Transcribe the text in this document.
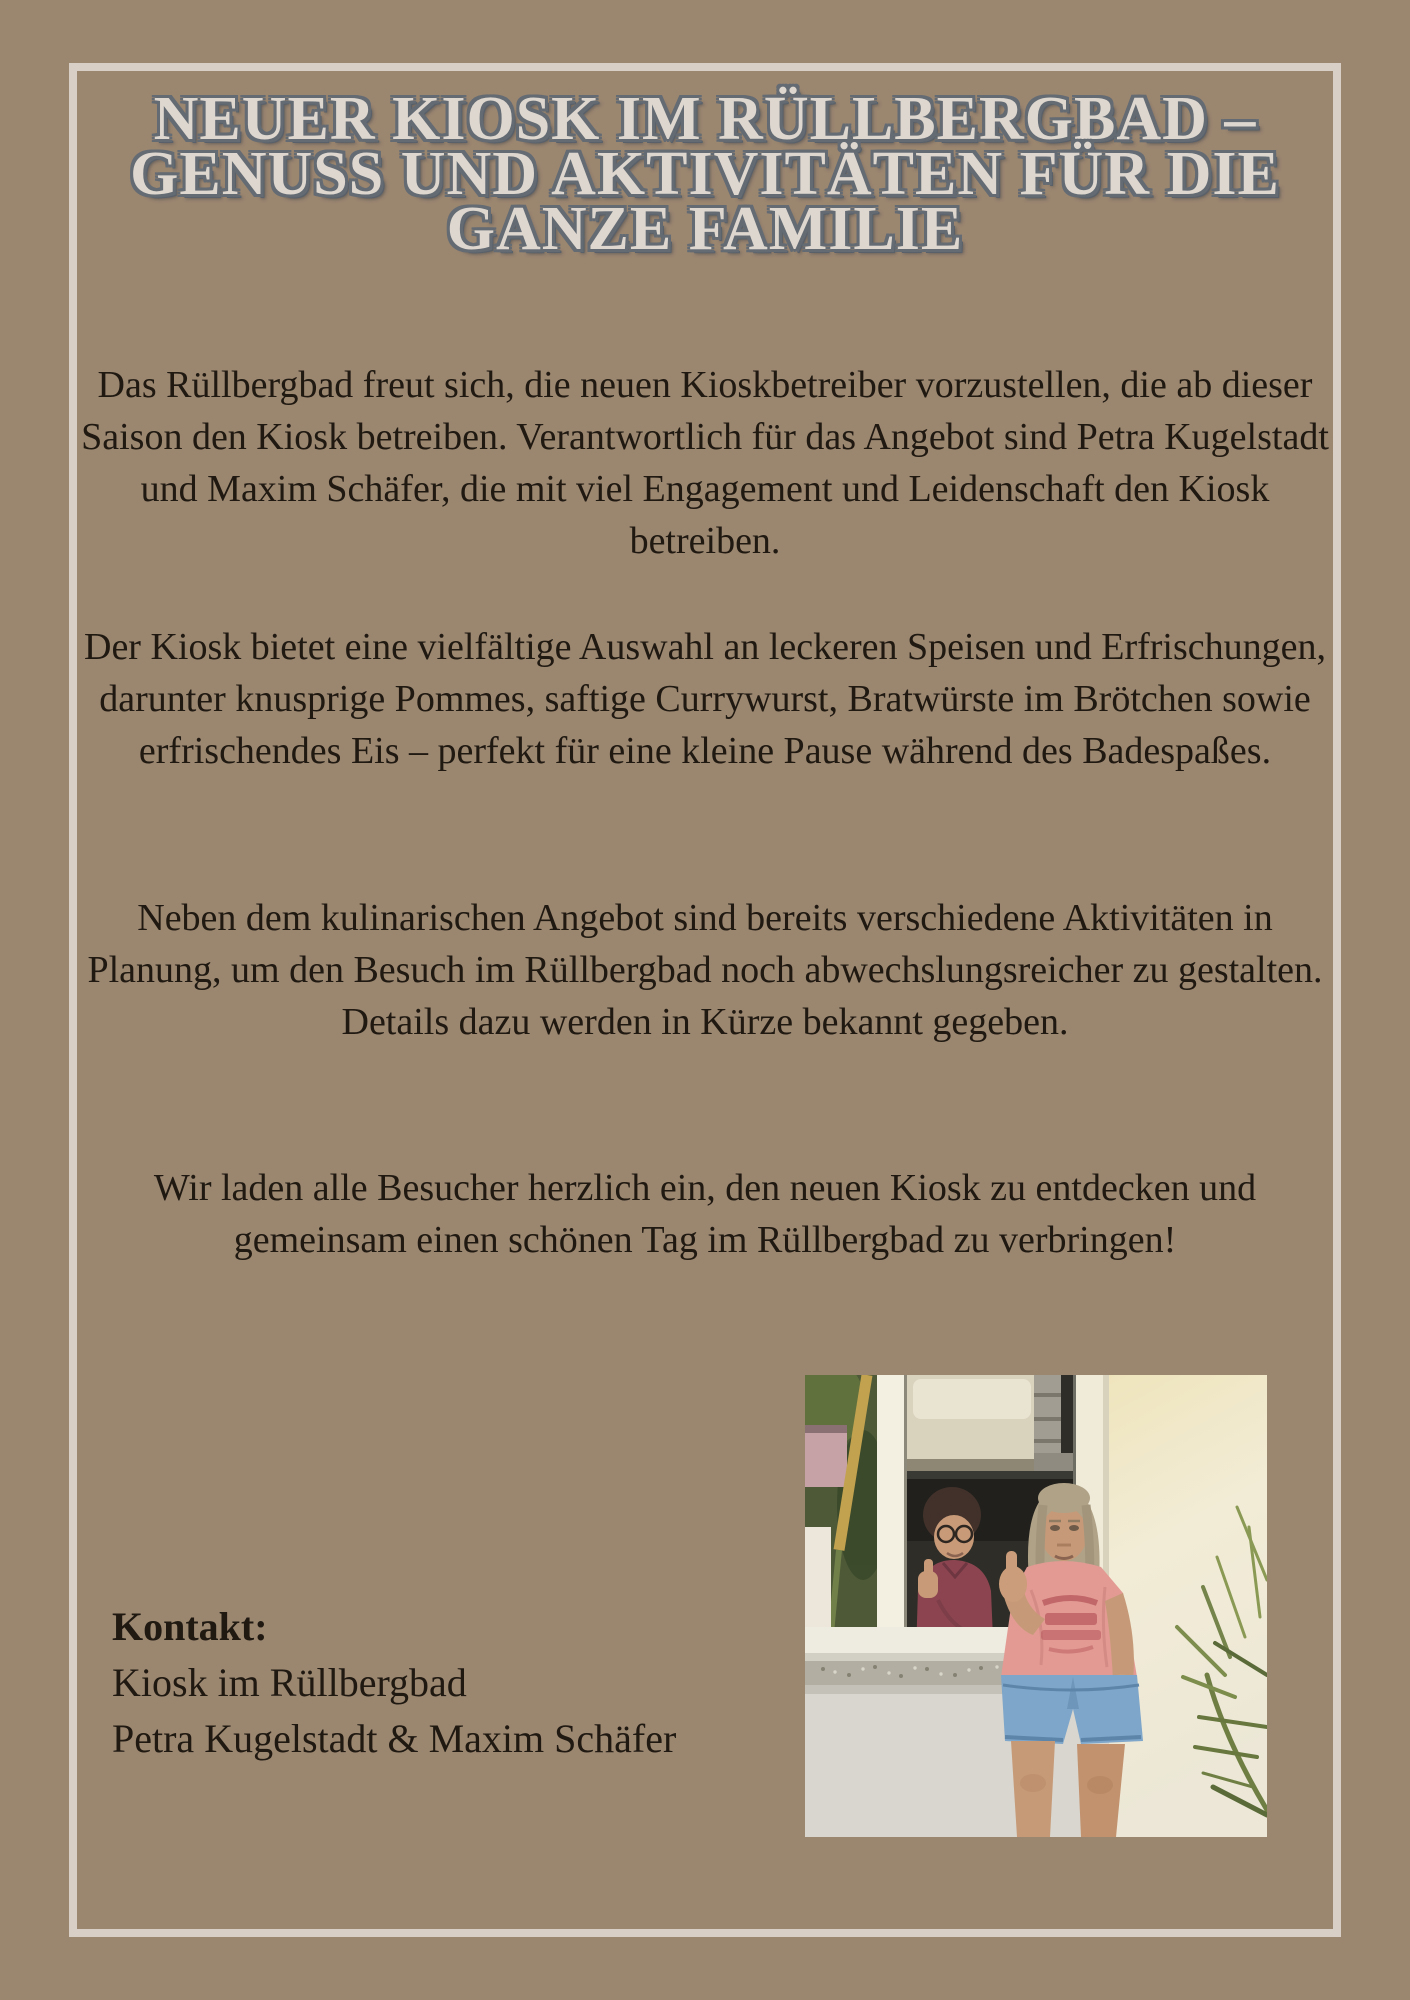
NEUER KIOSK IM RÜLLBERGBAD –
GENUSS UND AKTIVITÄTEN FÜR DIE
GANZE FAMILIE

Das Rüllbergbad freut sich, die neuen Kioskbetreiber vorzustellen, die ab dieser Saison den Kiosk betreiben. Verantwortlich für das Angebot sind Petra Kugelstadt und Maxim Schäfer, die mit viel Engagement und Leidenschaft den Kiosk betreiben.

Der Kiosk bietet eine vielfältige Auswahl an leckeren Speisen und Erfrischungen, darunter knusprige Pommes, saftige Currywurst, Bratwürste im Brötchen sowie erfrischendes Eis – perfekt für eine kleine Pause während des Badespaßes.

Neben dem kulinarischen Angebot sind bereits verschiedene Aktivitäten in Planung, um den Besuch im Rüllbergbad noch abwechslungsreicher zu gestalten. Details dazu werden in Kürze bekannt gegeben.

Wir laden alle Besucher herzlich ein, den neuen Kiosk zu entdecken und gemeinsam einen schönen Tag im Rüllbergbad zu verbringen!

Kontakt:
Kiosk im Rüllbergbad
Petra Kugelstadt & Maxim Schäfer
